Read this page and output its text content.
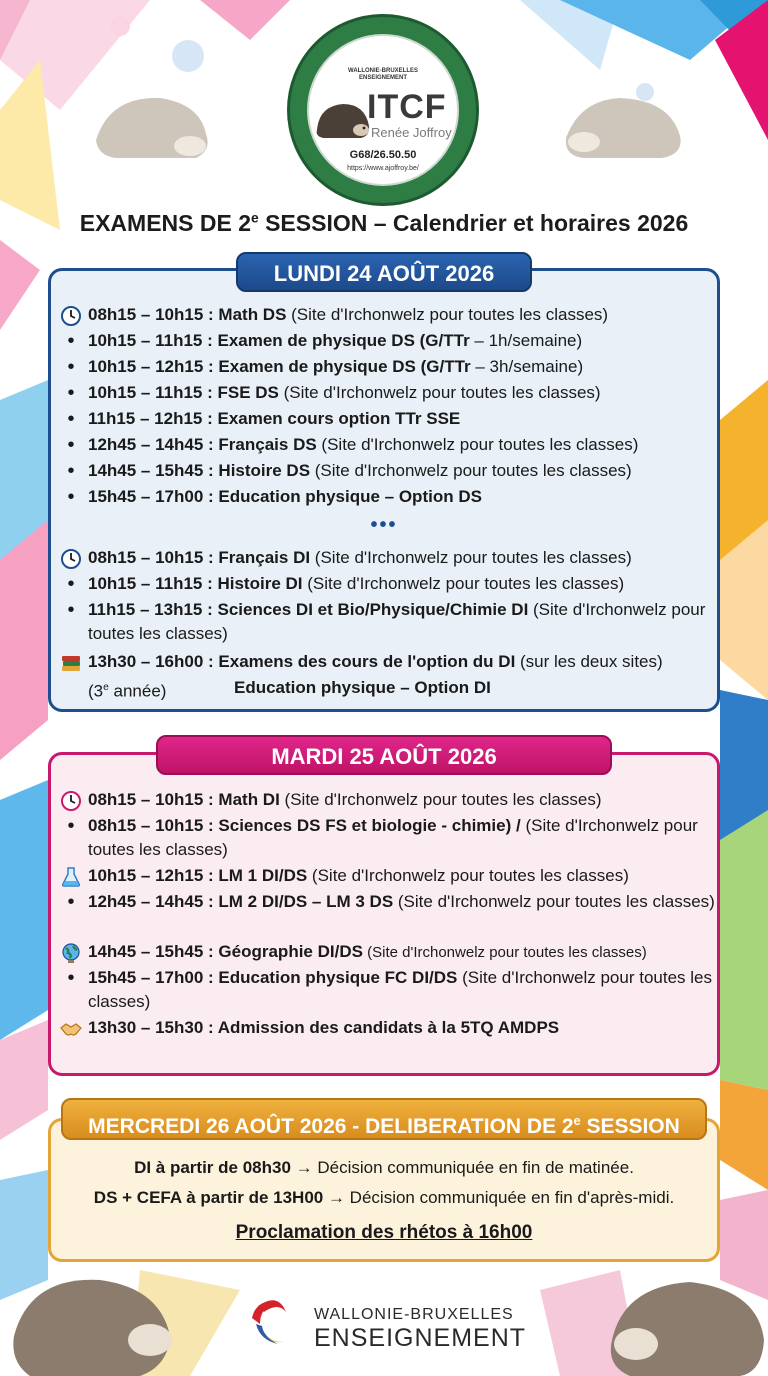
WALLONIE-BRUXELLES ENSEIGNEMENT
ITCF
Renée Joffroy
G68/26.50.50
https://www.ajoffroy.be/
EXAMENS DE 2e SESSION – Calendrier et horaires 2026
LUNDI 24 AOÛT 2026
08h15 – 10h15 : Math DS (Site d'Irchonwelz pour toutes les classes)
• 10h15 – 11h15 : Examen de physique DS (G/TTr – 1h/semaine)
• 10h15 – 12h15 : Examen de physique DS (G/TTr – 3h/semaine)
• 10h15 – 11h15 : FSE DS (Site d'Irchonwelz pour toutes les classes)
• 11h15 – 12h15 : Examen cours option TTr SSE
• 12h45 – 14h45 : Français DS (Site d'Irchonwelz pour toutes les classes)
• 14h45 – 15h45 : Histoire DS (Site d'Irchonwelz pour toutes les classes)
• 15h45 – 17h00 : Education physique – Option DS
•••
08h15 – 10h15 : Français DI (Site d'Irchonwelz pour toutes les classes)
• 10h15 – 11h15 : Histoire DI (Site d'Irchonwelz pour toutes les classes)
• 11h15 – 13h15 : Sciences DI et Bio/Physique/Chimie DI (Site d'Irchonwelz pour toutes les classes)
13h30 – 16h00 : Examens des cours de l'option du DI (sur les deux sites)
(3e année)	Education physique – Option DI
MARDI 25 AOÛT 2026
08h15 – 10h15 : Math DI (Site d'Irchonwelz pour toutes les classes)
• 08h15 – 10h15 : Sciences DS FS et biologie - chimie) / (Site d'Irchonwelz pour toutes les classes)
10h15 – 12h15 : LM 1 DI/DS (Site d'Irchonwelz pour toutes les classes)
• 12h45 – 14h45 : LM 2 DI/DS – LM 3 DS (Site d'Irchonwelz pour toutes les classes)
14h45 – 15h45 : Géographie DI/DS (Site d'Irchonwelz pour toutes les classes)
• 15h45 – 17h00 : Education physique FC DI/DS (Site d'Irchonwelz pour toutes les classes)
13h30 – 15h30 : Admission des candidats à la 5TQ AMDPS
MERCREDI 26 AOÛT 2026 - DELIBERATION DE 2e SESSION
DI à partir de 08h30 → Décision communiquée en fin de matinée.
DS + CEFA à partir de 13H00 → Décision communiquée en fin d'après-midi.
Proclamation des rhétos à 16h00
WALLONIE-BRUXELLES
ENSEIGNEMENT
